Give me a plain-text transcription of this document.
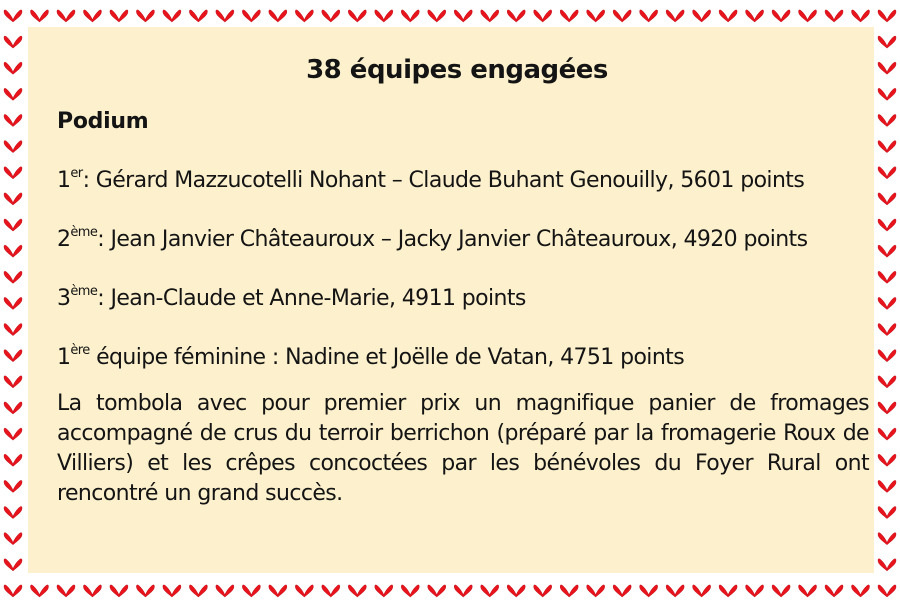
38 équipes engagées
Podium
1er: Gérard Mazzucotelli Nohant – Claude Buhant Genouilly, 5601 points
2ème: Jean Janvier Châteauroux – Jacky Janvier Châteauroux, 4920 points
3ème: Jean-Claude et Anne-Marie, 4911 points
1ère équipe féminine : Nadine et Joëlle de Vatan, 4751 points
La tombola avec pour premier prix un magnifique panier de fromages accompagné de crus du terroir berrichon (préparé par la fromagerie Roux de Villiers) et les crêpes concoctées par les bénévoles du Foyer Rural ont rencontré un grand succès.
